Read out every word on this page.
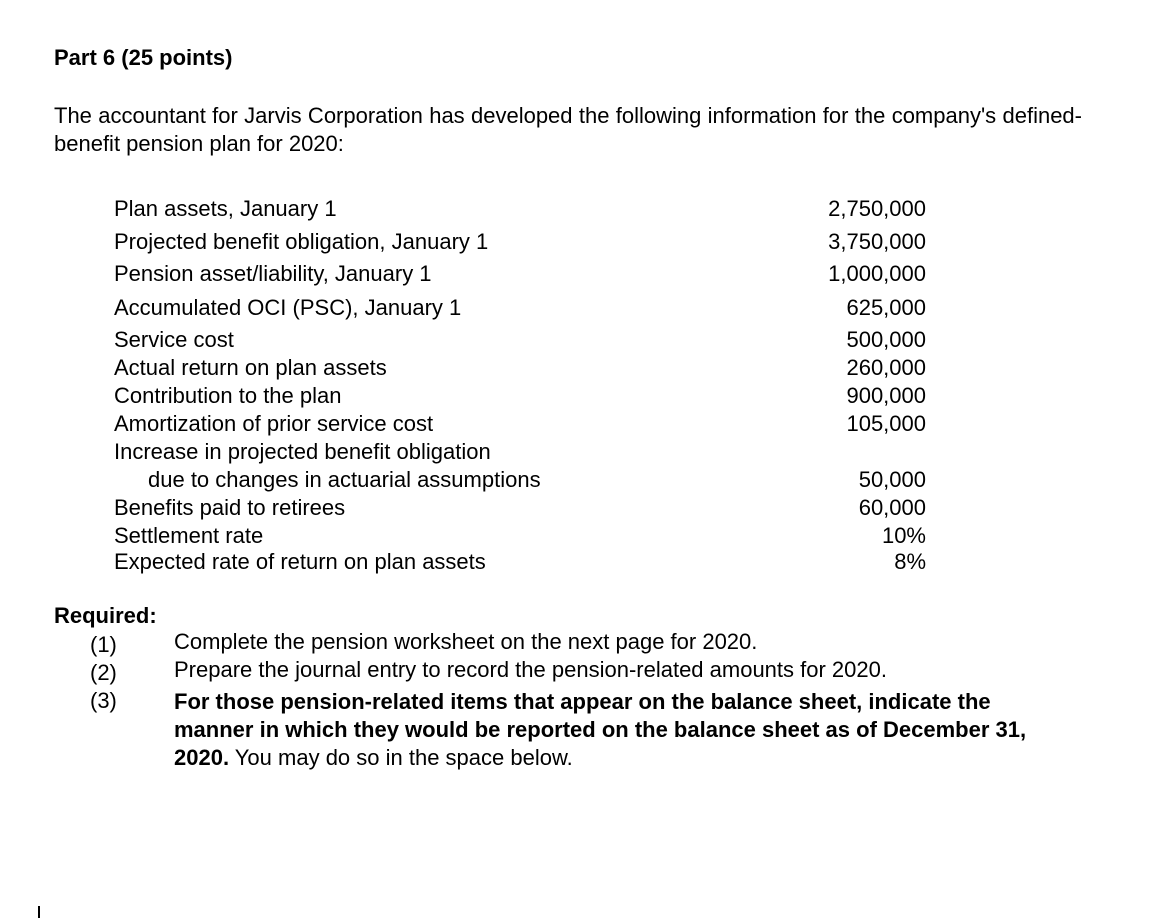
Part 6 (25 points)

The accountant for Jarvis Corporation has developed the following information for the company's defined-benefit pension plan for 2020:

Plan assets, January 1	2,750,000
Projected benefit obligation, January 1	3,750,000
Pension asset/liability, January 1	1,000,000
Accumulated OCI (PSC), January 1	625,000
Service cost	500,000
Actual return on plan assets	260,000
Contribution to the plan	900,000
Amortization of prior service cost	105,000
Increase in projected benefit obligation
due to changes in actuarial assumptions	50,000
Benefits paid to retirees	60,000
Settlement rate	10%
Expected rate of return on plan assets	8%
Required:
(1)	Complete the pension worksheet on the next page for 2020.
(2)	Prepare the journal entry to record the pension-related amounts for 2020.
(3)	For those pension-related items that appear on the balance sheet, indicate the manner in which they would be reported on the balance sheet as of December 31, 2020. You may do so in the space below.
